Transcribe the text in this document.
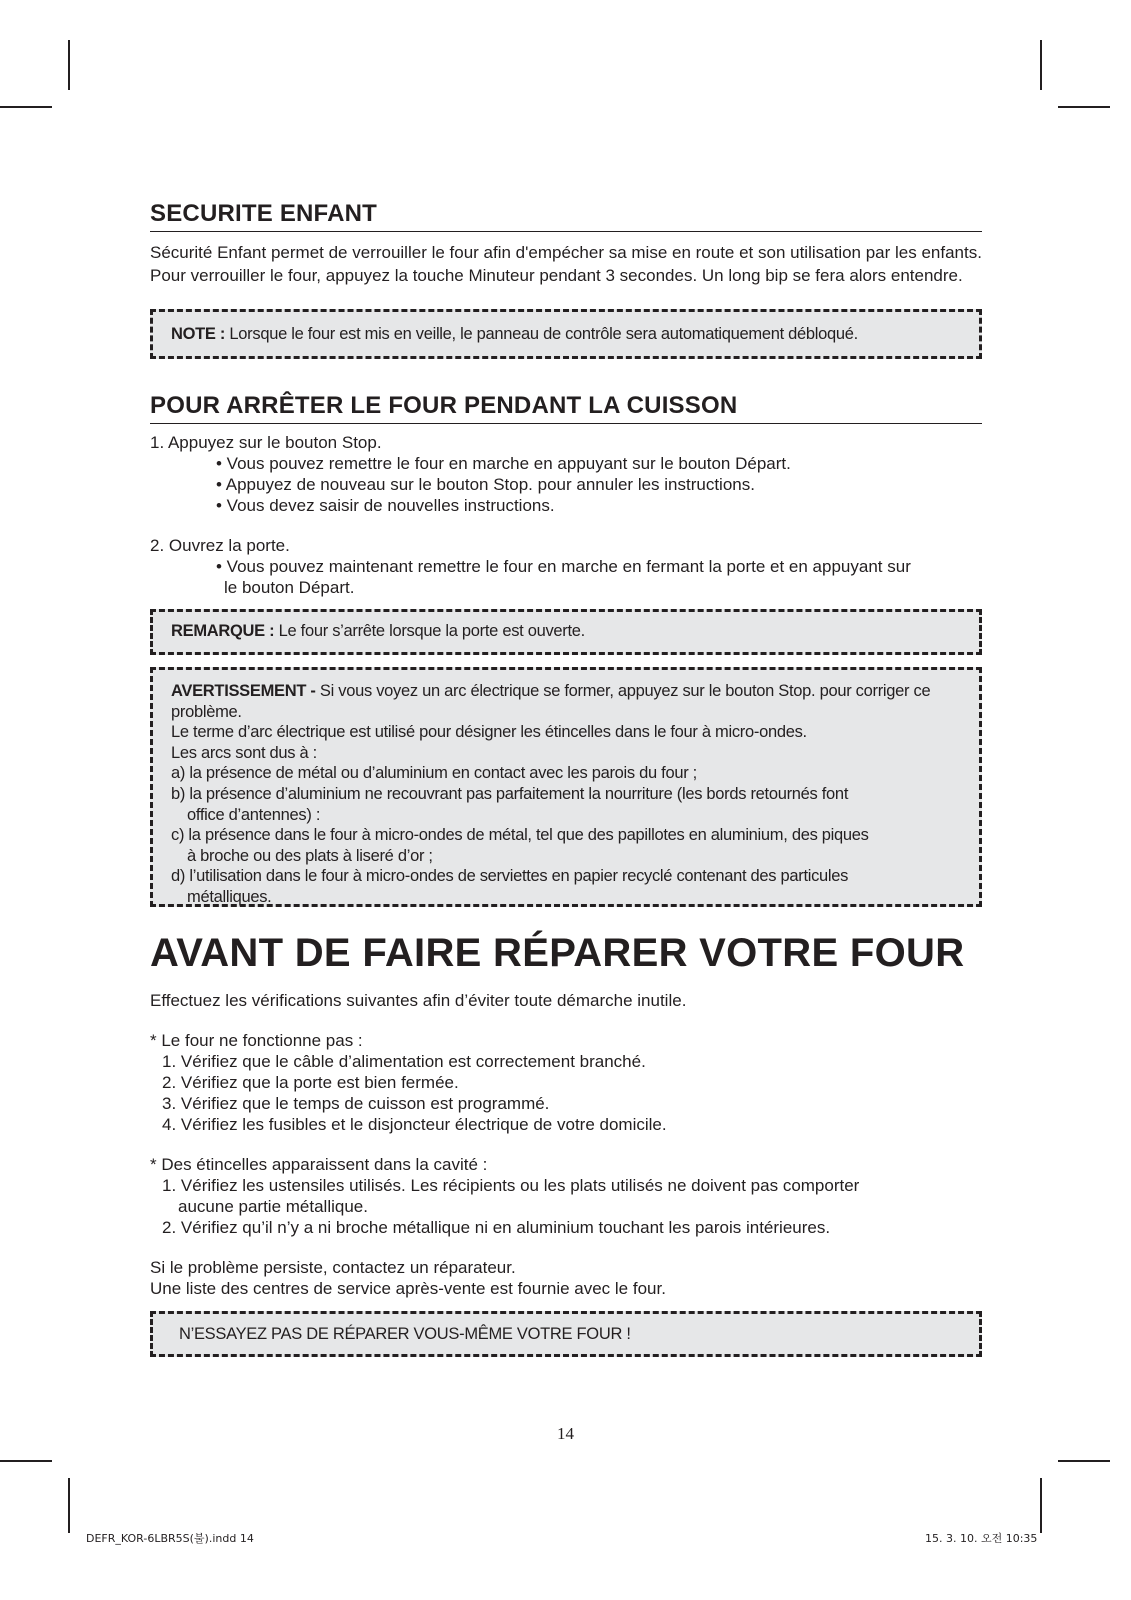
SECURITE ENFANT

Sécurité Enfant permet de verrouiller le four afin d'empécher sa mise en route et son utilisation par les enfants.

Pour verrouiller le four, appuyez la touche Minuteur pendant 3 secondes. Un long bip se fera alors entendre.

NOTE : Lorsque le four est mis en veille, le panneau de contrôle sera automatiquement débloqué.
POUR ARRÊTER LE FOUR PENDANT LA CUISSON

1. Appuyez sur le bouton Stop.

• Vous pouvez remettre le four en marche en appuyant sur le bouton Départ.

• Appuyez de nouveau sur le bouton Stop. pour annuler les instructions.

• Vous devez saisir de nouvelles instructions.

2. Ouvrez la porte.

• Vous pouvez maintenant remettre le four en marche en fermant la porte et en appuyant sur

le bouton Départ.

REMARQUE : Le four s’arrête lorsque la porte est ouverte.
AVERTISSEMENT - Si vous voyez un arc électrique se former, appuyez sur le bouton Stop. pour corriger ce problème.
Le terme d’arc électrique est utilisé pour désigner les étincelles dans le four à micro-ondes.
Les arcs sont dus à :
a) la présence de métal ou d’aluminium en contact avec les parois du four ;
b) la présence d’aluminium ne recouvrant pas parfaitement la nourriture (les bords retournés font
office d’antennes) :
c) la présence dans le four à micro-ondes de métal, tel que des papillotes en aluminium, des piques
à broche ou des plats à liseré d’or ;
d) l’utilisation dans le four à micro-ondes de serviettes en papier recyclé contenant des particules
métalliques.
AVANT DE FAIRE RÉPARER VOTRE FOUR

Effectuez les vérifications suivantes afin d’éviter toute démarche inutile.

* Le four ne fonctionne pas :

1. Vérifiez que le câble d’alimentation est correctement branché.

2. Vérifiez que la porte est bien fermée.

3. Vérifiez que le temps de cuisson est programmé.

4. Vérifiez les fusibles et le disjoncteur électrique de votre domicile.

* Des étincelles apparaissent dans la cavité :

1. Vérifiez les ustensiles utilisés. Les récipients ou les plats utilisés ne doivent pas comporter

aucune partie métallique.

2. Vérifiez qu’il n’y a ni broche métallique ni en aluminium touchant les parois intérieures.

Si le problème persiste, contactez un réparateur.

Une liste des centres de service après-vente est fournie avec le four.

N’ESSAYEZ PAS DE RÉPARER VOUS-MÊME VOTRE FOUR !
14
DEFR_KOR-6LBR5S(불).indd 14	15. 3. 10. 오전 10:35
